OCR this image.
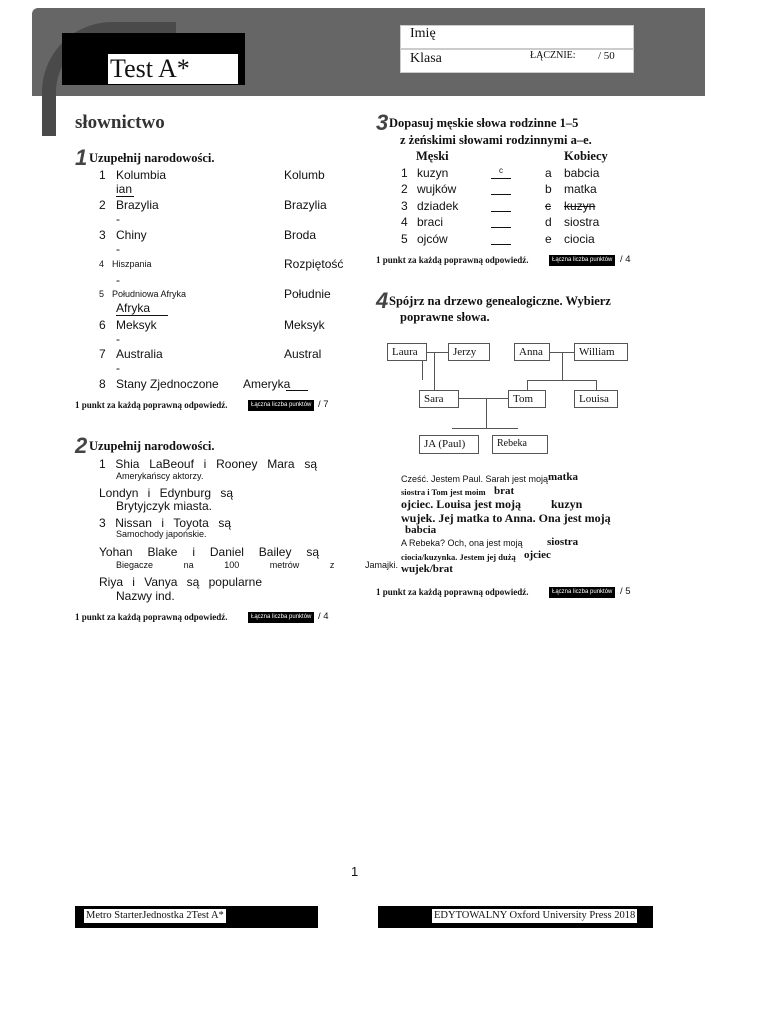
Test A*
Imię
Klasa	ŁĄCZNIE: / 50
słownictwo
1 Uzupełnij narodowości.
1 Kolumbia	Kolumb
ian
2 Brazylia	Brazylia
-
3 Chiny	Broda
-
4 Hiszpania	Rozpiętość
-
5 Południowa Afryka	Południe
Afryka
6 Meksyk	Meksyk
-
7 Australia	Austral
-
8 Stany Zjednoczone Ameryka
1 punkt za każdą poprawną odpowiedź.	Łączna liczba punktów / 7
2 Uzupełnij narodowości.
1 Shia LaBeouf i Rooney Mara są
Amerykańscy aktorzy.
Londyn i Edynburg są
Brytyjczyk miasta.
3 Nissan i Toyota są
Samochody japońskie.
Yohan Blake i Daniel Bailey są
Biegacze na 100 metrów z Jamajki.
Riya i Vanya są popularne
Nazwy ind.
1 punkt za każdą poprawną odpowiedź.	Łączna liczba punktów / 4
3 Dopasuj męskie słowa rodzinne 1–5
z żeńskimi słowami rodzinnymi a–e.
Męski	Kobiecy
1 kuzyn	c	a babcia
2 wujków	b matka
3 dziadek	c kuzyn
4 braci	d siostra
5 ojców	e ciocia
1 punkt za każdą poprawną odpowiedź.	Łączna liczba punktów / 4
4 Spójrz na drzewo genealogiczne. Wybierz
poprawne słowa.
Laura	Jerzy	Anna	William
Sara	Tom	Louisa
JA (Paul)	Rebeka
Cześć. Jestem Paul. Sarah jest moją matka
siostra i Tom jest moim brat
ojciec. Louisa jest moją	kuzyn
wujek. Jej matka to Anna. Ona jest moją
babcia
A Rebeka? Och, ona jest moją siostra
ciocia/kuzynka. Jestem jej dużą ojciec
wujek/brat
1 punkt za każdą poprawną odpowiedź.	Łączna liczba punktów / 5
1
Metro StarterJednostka 2Test A*	EDYTOWALNY Oxford University Press 2018
